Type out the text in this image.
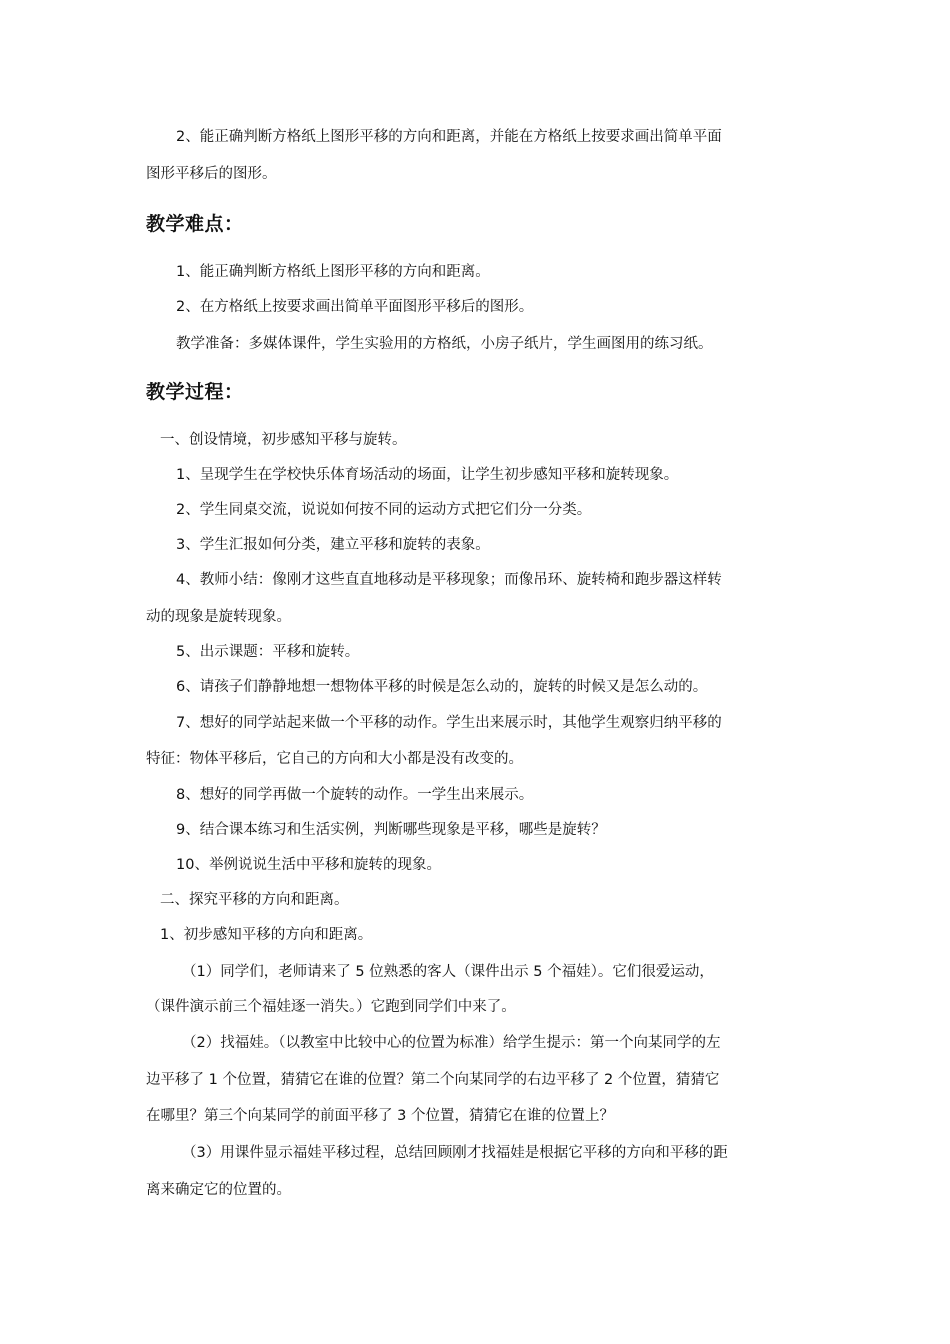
2、能正确判断方格纸上图形平移的方向和距离，并能在方格纸上按要求画出简单平面
图形平移后的图形。
教学难点：
1、能正确判断方格纸上图形平移的方向和距离。
2、在方格纸上按要求画出简单平面图形平移后的图形。
教学准备：多媒体课件，学生实验用的方格纸，小房子纸片，学生画图用的练习纸。
教学过程：
一、创设情境，初步感知平移与旋转。
1、呈现学生在学校快乐体育场活动的场面，让学生初步感知平移和旋转现象。
2、学生同桌交流，说说如何按不同的运动方式把它们分一分类。
3、学生汇报如何分类，建立平移和旋转的表象。
4、教师小结：像刚才这些直直地移动是平移现象；而像吊环、旋转椅和跑步器这样转
动的现象是旋转现象。
5、出示课题：平移和旋转。
6、请孩子们静静地想一想物体平移的时候是怎么动的，旋转的时候又是怎么动的。
7、想好的同学站起来做一个平移的动作。学生出来展示时，其他学生观察归纳平移的
特征：物体平移后，它自己的方向和大小都是没有改变的。
8、想好的同学再做一个旋转的动作。一学生出来展示。
9、结合课本练习和生活实例，判断哪些现象是平移，哪些是旋转？
10、举例说说生活中平移和旋转的现象。
二、探究平移的方向和距离。
1、初步感知平移的方向和距离。
（1）同学们，老师请来了 5 位熟悉的客人（课件出示 5 个福娃）。它们很爱运动，
（课件演示前三个福娃逐一消失。）它跑到同学们中来了。
（2）找福娃。（以教室中比较中心的位置为标准）给学生提示：第一个向某同学的左
边平移了 1 个位置，猜猜它在谁的位置？第二个向某同学的右边平移了 2 个位置，猜猜它
在哪里？第三个向某同学的前面平移了 3 个位置，猜猜它在谁的位置上？
（3）用课件显示福娃平移过程，总结回顾刚才找福娃是根据它平移的方向和平移的距
离来确定它的位置的。
